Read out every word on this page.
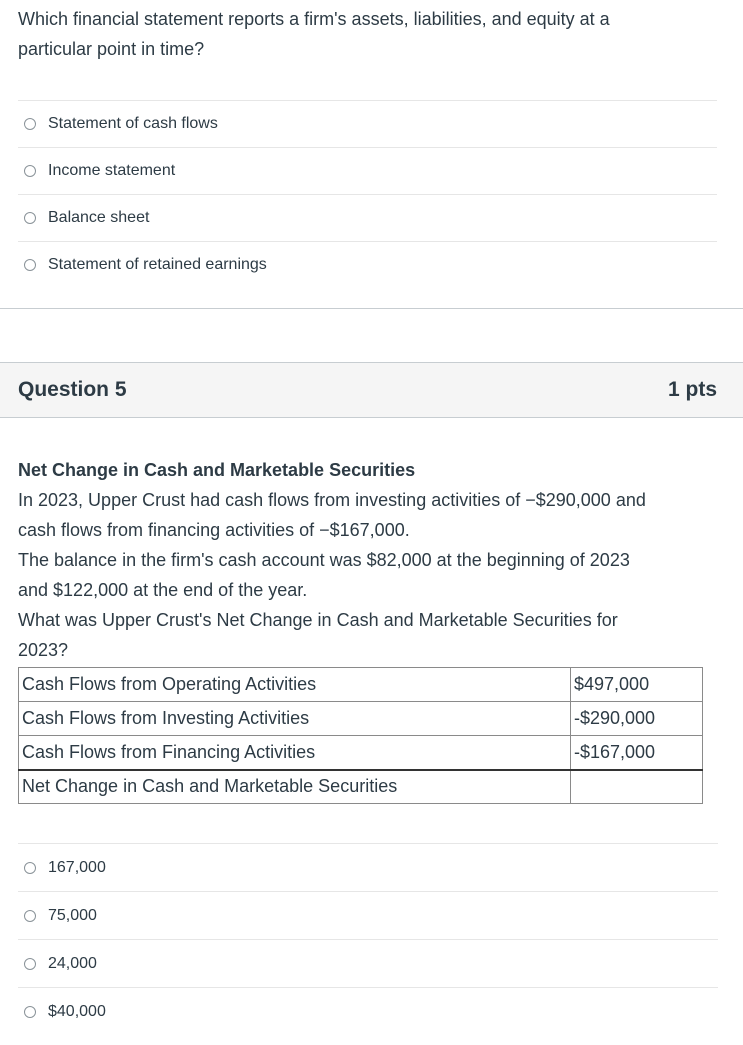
Which financial statement reports a firm's assets, liabilities, and equity at a
particular point in time?

Statement of cash flows
Income statement
Balance sheet
Statement of retained earnings
Question 5	1 pts

Net Change in Cash and Marketable Securities

In 2023, Upper Crust had cash flows from investing activities of −$290,000 and
cash flows from financing activities of −$167,000.

The balance in the firm's cash account was $82,000 at the beginning of 2023
and $122,000 at the end of the year.

What was Upper Crust's Net Change in Cash and Marketable Securities for
2023?

Cash Flows from Operating Activities	$497,000
Cash Flows from Investing Activities	-$290,000
Cash Flows from Financing Activities	-$167,000
Net Change in Cash and Marketable Securities	
167,000
75,000
24,000
$40,000
